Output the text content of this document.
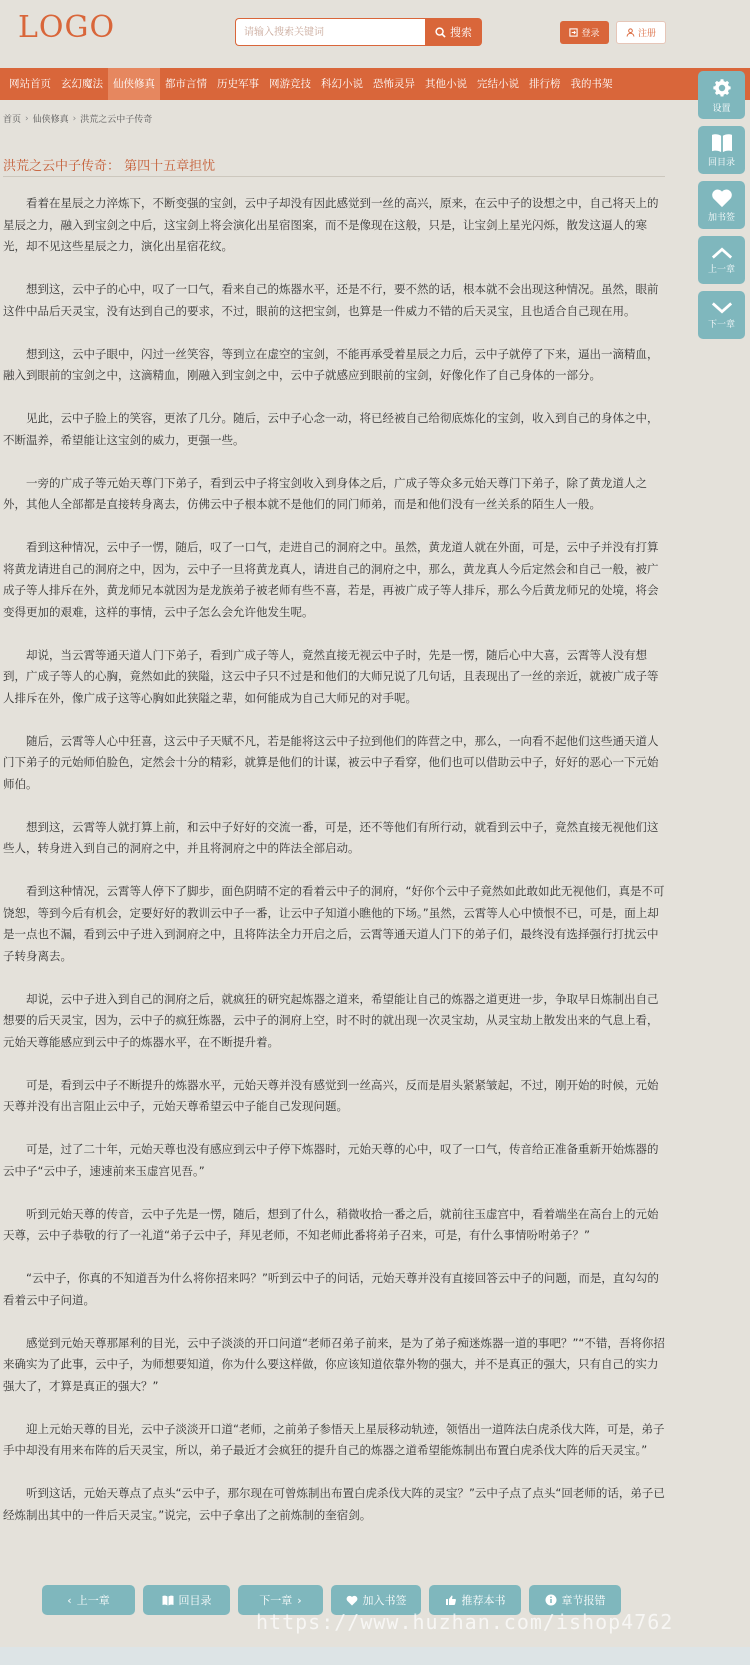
LOGO
请输入搜索关键词	搜索	登录	注册
网站首页 玄幻魔法 仙侠修真 都市言情 历史军事 网游竞技 科幻小说 恐怖灵异 其他小说 完结小说 排行榜 我的书架
首页 › 仙侠修真 › 洪荒之云中子传奇
洪荒之云中子传奇： 第四十五章担忧

看着在星辰之力淬炼下，不断变强的宝剑，云中子却没有因此感觉到一丝的高兴，原来，在云中子的设想之中，自己将天上的星辰之力，融入到宝剑之中后，这宝剑上将会演化出星宿图案，而不是像现在这般，只是，让宝剑上星光闪烁，散发这逼人的寒光，却不见这些星辰之力，演化出星宿花纹。

想到这，云中子的心中，叹了一口气，看来自己的炼器水平，还是不行，要不然的话，根本就不会出现这种情况。虽然，眼前这件中品后天灵宝，没有达到自己的要求，不过，眼前的这把宝剑，也算是一件威力不错的后天灵宝，且也适合自己现在用。

想到这，云中子眼中，闪过一丝笑容，等到立在虚空的宝剑，不能再承受着星辰之力后，云中子就停了下来，逼出一滴精血，融入到眼前的宝剑之中，这滴精血，刚融入到宝剑之中，云中子就感应到眼前的宝剑，好像化作了自己身体的一部分。

见此，云中子脸上的笑容，更浓了几分。随后，云中子心念一动，将已经被自己给彻底炼化的宝剑，收入到自己的身体之中，不断温养，希望能让这宝剑的威力，更强一些。

一旁的广成子等元始天尊门下弟子，看到云中子将宝剑收入到身体之后，广成子等众多元始天尊门下弟子，除了黄龙道人之外，其他人全部都是直接转身离去，仿佛云中子根本就不是他们的同门师弟，而是和他们没有一丝关系的陌生人一般。

看到这种情况，云中子一愣，随后，叹了一口气，走进自己的洞府之中。虽然，黄龙道人就在外面，可是，云中子并没有打算将黄龙请进自己的洞府之中，因为，云中子一旦将黄龙真人，请进自己的洞府之中，那么，黄龙真人今后定然会和自己一般，被广成子等人排斥在外，黄龙师兄本就因为是龙族弟子被老师有些不喜，若是，再被广成子等人排斥，那么今后黄龙师兄的处境，将会变得更加的艰难，这样的事情，云中子怎么会允许他发生呢。

却说，当云霄等通天道人门下弟子，看到广成子等人，竟然直接无视云中子时，先是一愣，随后心中大喜，云霄等人没有想到，广成子等人的心胸，竟然如此的狭隘，这云中子只不过是和他们的大师兄说了几句话，且表现出了一丝的亲近，就被广成子等人排斥在外，像广成子这等心胸如此狭隘之辈，如何能成为自己大师兄的对手呢。

随后，云霄等人心中狂喜，这云中子天赋不凡，若是能将这云中子拉到他们的阵营之中，那么，一向看不起他们这些通天道人门下弟子的元始师伯脸色，定然会十分的精彩，就算是他们的计谋，被云中子看穿，他们也可以借助云中子，好好的恶心一下元始师伯。

想到这，云霄等人就打算上前，和云中子好好的交流一番，可是，还不等他们有所行动，就看到云中子，竟然直接无视他们这些人，转身进入到自己的洞府之中，并且将洞府之中的阵法全部启动。

看到这种情况，云霄等人停下了脚步，面色阴晴不定的看着云中子的洞府，“好你个云中子竟然如此敢如此无视他们，真是不可饶恕，等到今后有机会，定要好好的教训云中子一番，让云中子知道小瞧他的下场。”虽然，云霄等人心中愤恨不已，可是，面上却是一点也不漏，看到云中子进入到洞府之中，且将阵法全力开启之后，云霄等通天道人门下的弟子们，最终没有选择强行打扰云中子转身离去。

却说，云中子进入到自己的洞府之后，就疯狂的研究起炼器之道来，希望能让自己的炼器之道更进一步，争取早日炼制出自己想要的后天灵宝，因为，云中子的疯狂炼器，云中子的洞府上空，时不时的就出现一次灵宝劫，从灵宝劫上散发出来的气息上看，元始天尊能感应到云中子的炼器水平，在不断提升着。

可是，看到云中子不断提升的炼器水平，元始天尊并没有感觉到一丝高兴，反而是眉头紧紧皱起，不过，刚开始的时候，元始天尊并没有出言阻止云中子，元始天尊希望云中子能自己发现问题。

可是，过了二十年，元始天尊也没有感应到云中子停下炼器时，元始天尊的心中，叹了一口气，传音给正准备重新开始炼器的云中子“云中子，速速前来玉虚宫见吾。”

听到元始天尊的传音，云中子先是一愣，随后，想到了什么，稍微收拾一番之后，就前往玉虚宫中，看着端坐在高台上的元始天尊，云中子恭敬的行了一礼道“弟子云中子，拜见老师，不知老师此番将弟子召来，可是，有什么事情吩咐弟子？”

“云中子，你真的不知道吾为什么将你招来吗？”听到云中子的问话，元始天尊并没有直接回答云中子的问题，而是，直勾勾的看着云中子问道。

感觉到元始天尊那犀利的目光，云中子淡淡的开口问道“老师召弟子前来，是为了弟子痴迷炼器一道的事吧？”“不错，吾将你招来确实为了此事，云中子，为师想要知道，你为什么要这样做，你应该知道依靠外物的强大，并不是真正的强大，只有自己的实力强大了，才算是真正的强大？”

迎上元始天尊的目光，云中子淡淡开口道“老师，之前弟子参悟天上星辰移动轨迹，领悟出一道阵法白虎杀伐大阵，可是，弟子手中却没有用来布阵的后天灵宝，所以，弟子最近才会疯狂的提升自己的炼器之道希望能炼制出布置白虎杀伐大阵的后天灵宝。”

听到这话，元始天尊点了点头“云中子，那尔现在可曾炼制出布置白虎杀伐大阵的灵宝？”云中子点了点头“回老师的话，弟子已经炼制出其中的一件后天灵宝。”说完，云中子拿出了之前炼制的奎宿剑。

设置
回目录
加书签
上一章
下一章
‹ 上一章	回目录	下一章 ›	加入书签	推荐本书	章节报错
https://www.huzhan.com/ishop4762
